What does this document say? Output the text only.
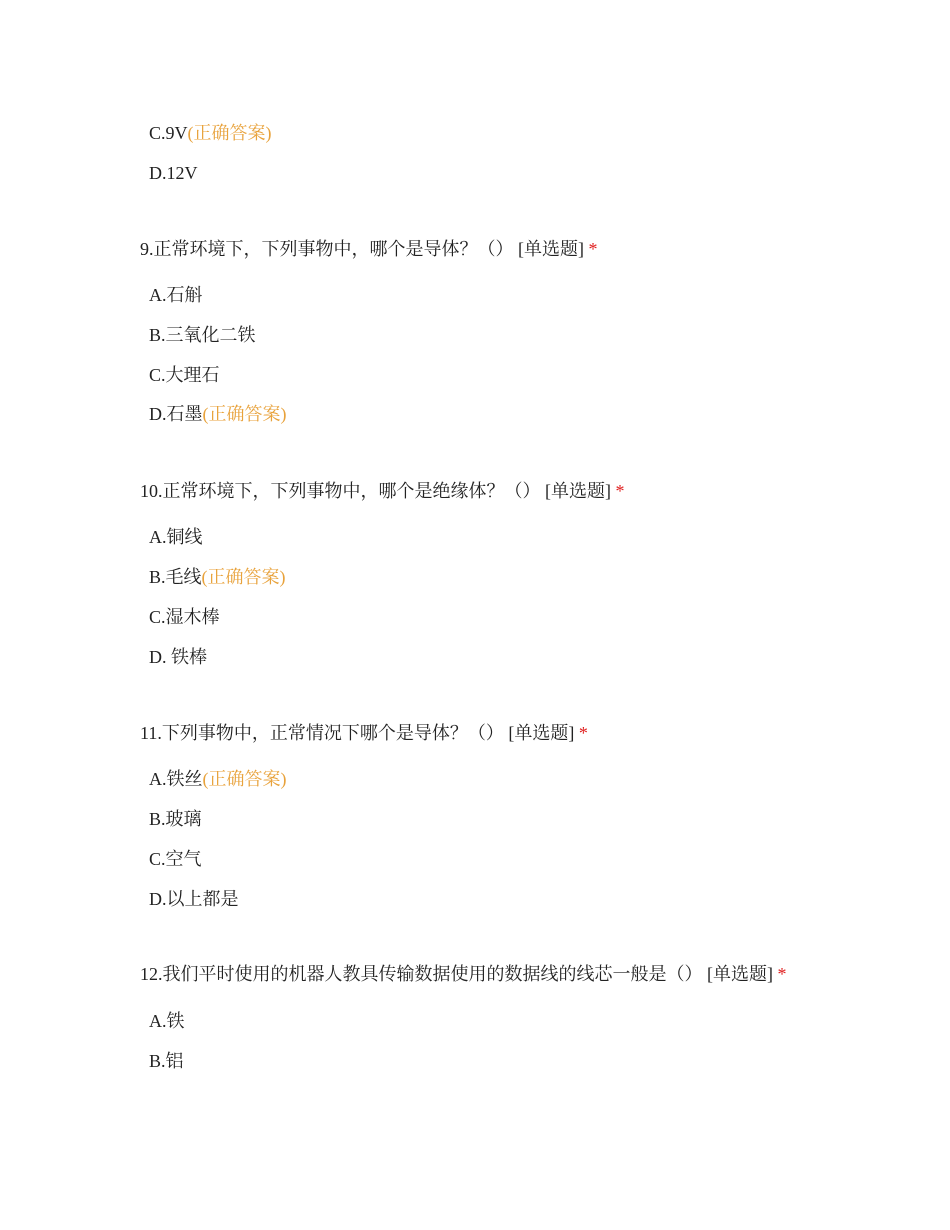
C.9V(正确答案)
D.12V
9.正常环境下，下列事物中，哪个是导体？（） [单选题] *
A.石斛
B.三氧化二铁
C.大理石
D.石墨(正确答案)
10.正常环境下，下列事物中，哪个是绝缘体？（） [单选题] *
A.铜线
B.毛线(正确答案)
C.湿木棒
D. 铁棒
11.下列事物中，正常情况下哪个是导体？（） [单选题] *
A.铁丝(正确答案)
B.玻璃
C.空气
D.以上都是
12.我们平时使用的机器人教具传输数据使用的数据线的线芯一般是（） [单选题] *
A.铁
B.铝
